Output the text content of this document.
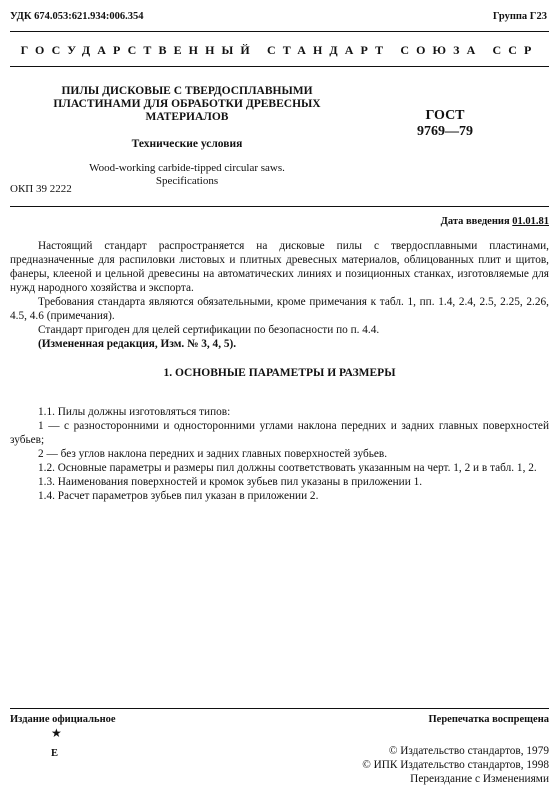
УДК 674.053:621.934:006.354	Группа Г23
ГОСУДАРСТВЕННЫЙ СТАНДАРТ СОЮЗА ССР
ПИЛЫ ДИСКОВЫЕ С ТВЕРДОСПЛАВНЫМИ
ПЛАСТИНАМИ ДЛЯ ОБРАБОТКИ ДРЕВЕСНЫХ
МАТЕРИАЛОВ
Технические условия
Wood-working carbide-tipped circular saws.
Specifications
ГОСТ
9769—79
ОКП 39 2222
Дата введения 01.01.81

Настоящий стандарт распространяется на дисковые пилы с твердосплавными пластинами, предназначенные для распиловки листовых и плитных древесных материалов, облицованных плит и щитов, фанеры, клееной и цельной древесины на автоматических линиях и позиционных станках, изготовляемые для нужд народного хозяйства и экспорта.

Требования стандарта являются обязательными, кроме примечания к табл. 1, пп. 1.4, 2.4, 2.5, 2.25, 2.26, 4.5, 4.6 (примечания).

Стандарт пригоден для целей сертификации по безопасности по п. 4.4.

(Измененная редакция, Изм. № 3, 4, 5).

1. ОСНОВНЫЕ ПАРАМЕТРЫ И РАЗМЕРЫ

1.1. Пилы должны изготовляться типов:

1 — с разносторонними и односторонними углами наклона передних и задних главных поверхностей зубьев;

2 — без углов наклона передних и задних главных поверхностей зубьев.

1.2. Основные параметры и размеры пил должны соответствовать указанным на черт. 1, 2 и в табл. 1, 2.

1.3. Наименования поверхностей и кромок зубьев пил указаны в приложении 1.

1.4. Расчет параметров зубьев пил указан в приложении 2.

Издание официальное	Перепечатка воспрещена
★
Е	© Издательство стандартов, 1979
© ИПК Издательство стандартов, 1998
Переиздание с Изменениями
